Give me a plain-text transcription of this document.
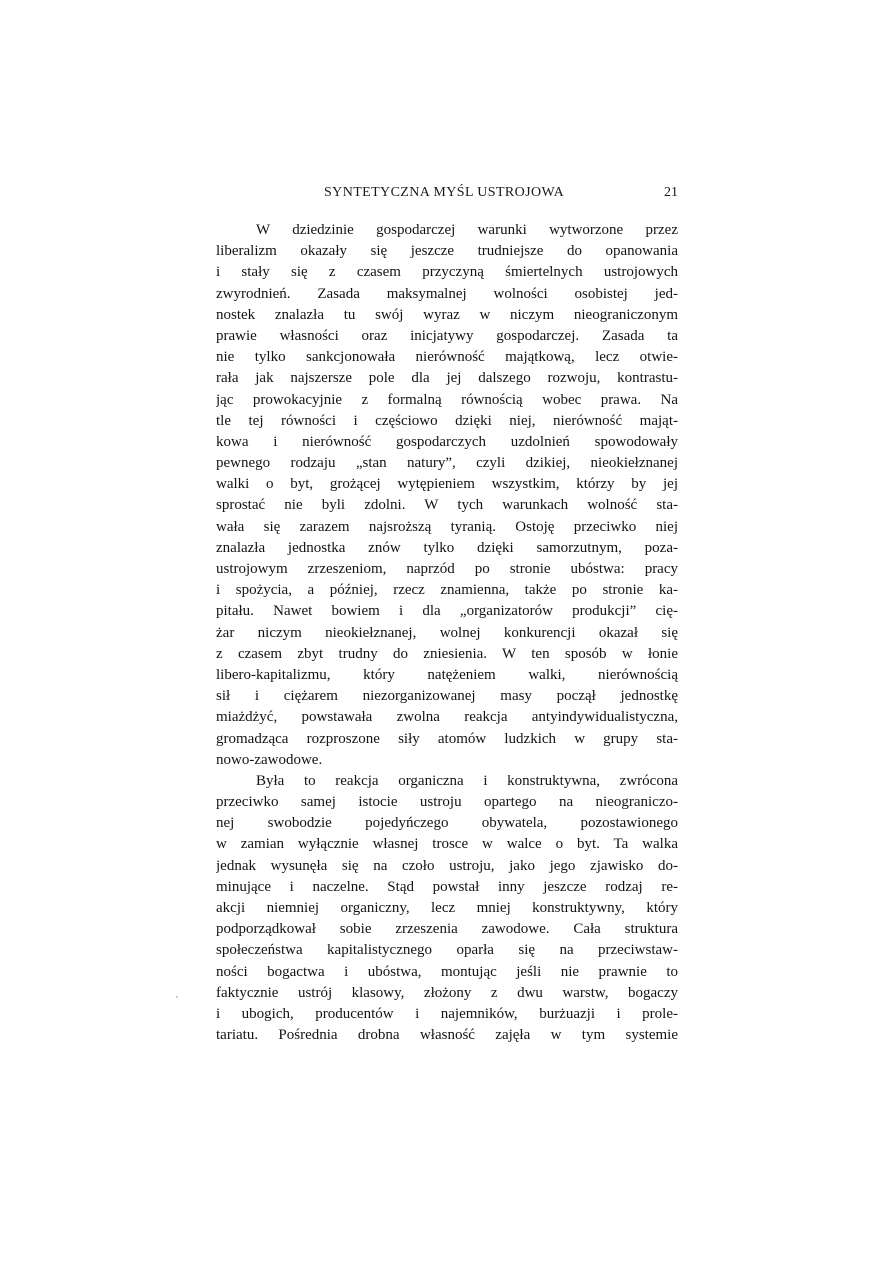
SYNTETYCZNA MYŚL USTROJOWA	21
W dziedzinie gospodarczej warunki wytworzone przez
liberalizm okazały się jeszcze trudniejsze do opanowania
i stały się z czasem przyczyną śmiertelnych ustrojowych
zwyrodnień. Zasada maksymalnej wolności osobistej jed-
nostek znalazła tu swój wyraz w niczym nieograniczonym
prawie własności oraz inicjatywy gospodarczej. Zasada ta
nie tylko sankcjonowała nierówność majątkową, lecz otwie-
rała jak najszersze pole dla jej dalszego rozwoju, kontrastu-
jąc prowokacyjnie z formalną równością wobec prawa. Na
tle tej równości i częściowo dzięki niej, nierówność mająt-
kowa i nierówność gospodarczych uzdolnień spowodowały
pewnego rodzaju „stan natury”, czyli dzikiej, nieokiełznanej
walki o byt, grożącej wytępieniem wszystkim, którzy by jej
sprostać nie byli zdolni. W tych warunkach wolność sta-
wała się zarazem najsroższą tyranią. Ostoję przeciwko niej
znalazła jednostka znów tylko dzięki samorzutnym, poza-
ustrojowym zrzeszeniom, naprzód po stronie ubóstwa: pracy
i spożycia, a później, rzecz znamienna, także po stronie ka-
pitału. Nawet bowiem i dla „organizatorów produkcji” cię-
żar niczym nieokiełznanej, wolnej konkurencji okazał się
z czasem zbyt trudny do zniesienia. W ten sposób w łonie
libero-kapitalizmu, który natężeniem walki, nierównością
sił i ciężarem niezorganizowanej masy począł jednostkę
miażdżyć, powstawała zwolna reakcja antyindywidualistyczna,
gromadząca rozproszone siły atomów ludzkich w grupy sta-
nowo-zawodowe.
Była to reakcja organiczna i konstruktywna, zwrócona
przeciwko samej istocie ustroju opartego na nieograniczo-
nej swobodzie pojedyńczego obywatela, pozostawionego
w zamian wyłącznie własnej trosce w walce o byt. Ta walka
jednak wysunęła się na czoło ustroju, jako jego zjawisko do-
minujące i naczelne. Stąd powstał inny jeszcze rodzaj re-
akcji niemniej organiczny, lecz mniej konstruktywny, który
podporządkował sobie zrzeszenia zawodowe. Cała struktura
społeczeństwa kapitalistycznego oparła się na przeciwstaw-
ności bogactwa i ubóstwa, montując jeśli nie prawnie to
faktycznie ustrój klasowy, złożony z dwu warstw, bogaczy
i ubogich, producentów i najemników, burżuazji i prole-
tariatu. Pośrednia drobna własność zajęła w tym systemie
